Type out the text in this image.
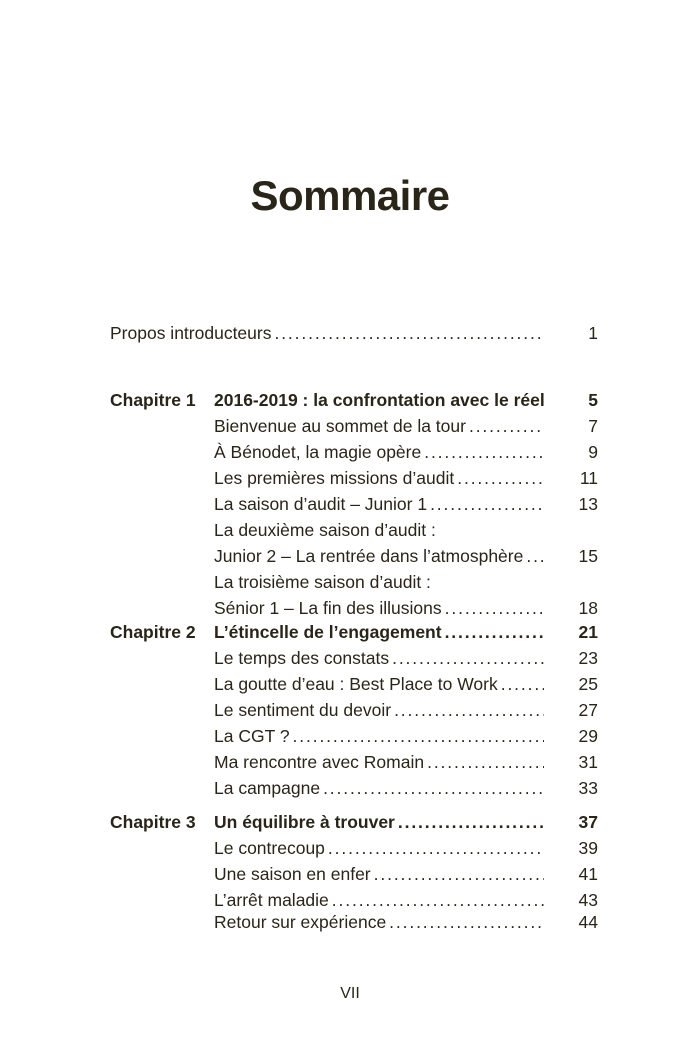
Sommaire
Propos introducteurs . . .	1
Chapitre 1 2016-2019 : la confrontation avec le réel	5
Bienvenue au sommet de la tour . . .	7
À Bénodet, la magie opère . . .	9
Les premières missions d’audit . . .	11
La saison d’audit – Junior 1 . . .	13
La deuxième saison d’audit :
Junior 2 – La rentrée dans l’atmosphère . . .	15
La troisième saison d’audit :
Sénior 1 – La fin des illusions . . .	18
Chapitre 2 L’étincelle de l’engagement . . .	21
Le temps des constats . . .	23
La goutte d’eau : Best Place to Work . . .	25
Le sentiment du devoir . . .	27
La CGT ? . . .	29
Ma rencontre avec Romain . . .	31
La campagne . . .	33
Chapitre 3 Un équilibre à trouver . . .	37
Le contrecoup . . .	39
Une saison en enfer . . .	41
L’arrêt maladie . . .	43
Retour sur expérience . . .	44
VII
